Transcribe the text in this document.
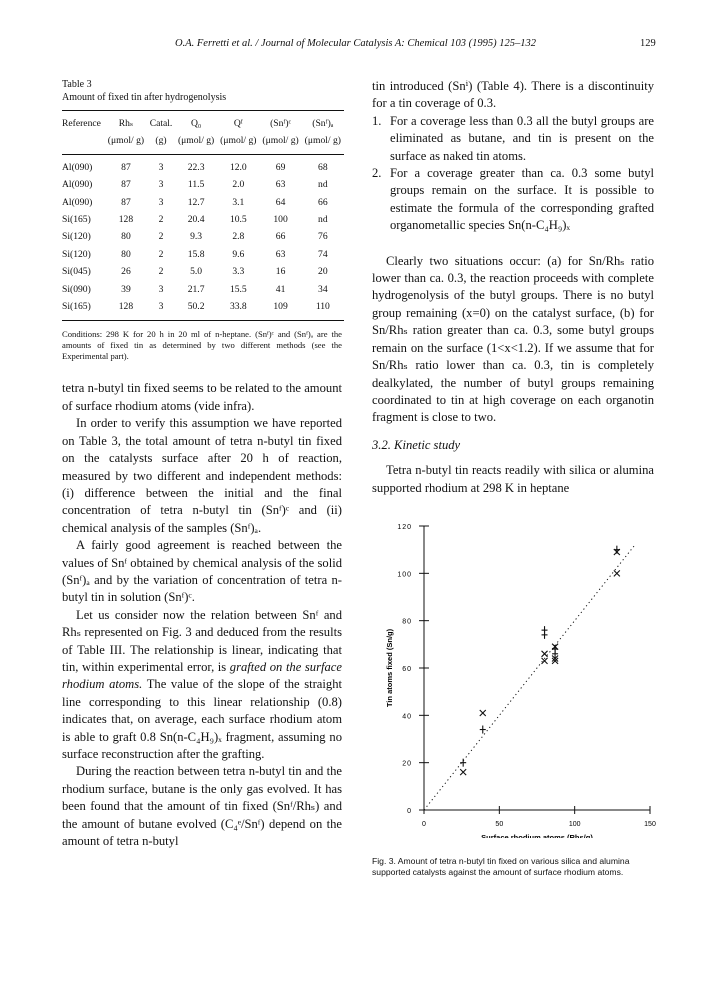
O.A. Ferretti et al. / Journal of Molecular Catalysis A: Chemical 103 (1995) 125–132	129
Table 3
Amount of fixed tin after hydrogenolysis
Reference	Rhₛ	Catal.	Q₀	Qᶠ	(Snᶠ)ᶜ	(Snᶠ)ₐ
	(μmol/ g)	(g)	(μmol/ g)	(μmol/ g)	(μmol/ g)	(μmol/ g)
Al(090)	87	3	22.3	12.0	69	68
Al(090)	87	3	11.5	2.0	63	nd
Al(090)	87	3	12.7	3.1	64	66
Si(165)	128	2	20.4	10.5	100	nd
Si(120)	80	2	9.3	2.8	66	76
Si(120)	80	2	15.8	9.6	63	74
Si(045)	26	2	5.0	3.3	16	20
Si(090)	39	3	21.7	15.5	41	34
Si(165)	128	3	50.2	33.8	109	110
Conditions: 298 K for 20 h in 20 ml of n-heptane. (Snᶠ)ᶜ and (Snᶠ)ₐ are the amounts of fixed tin as determined by two different methods (see the Experimental part).

tetra n-butyl tin fixed seems to be related to the amount of surface rhodium atoms (vide infra).

In order to verify this assumption we have reported on Table 3, the total amount of tetra n-butyl tin fixed on the catalysts surface after 20 h of reaction, measured by two different and independent methods: (i) difference between the initial and the final concentration of tetra n-butyl tin (Snᶠ)ᶜ and (ii) chemical analysis of the samples (Snᶠ)ₐ.

A fairly good agreement is reached between the values of Snᶠ obtained by chemical analysis of the solid (Snᶠ)ₐ and by the variation of concentration of tetra n-butyl tin in solution (Snᶠ)ᶜ.

Let us consider now the relation between Snᶠ and Rhₛ represented on Fig. 3 and deduced from the results of Table III. The relationship is linear, indicating that tin, within experimental error, is grafted on the surface rhodium atoms. The value of the slope of the straight line corresponding to this linear relationship (0.8) indicates that, on average, each surface rhodium atom is able to graft 0.8 Sn(n-C₄H₉)ₓ fragment, assuming no surface reconstruction after the grafting.

During the reaction between tetra n-butyl tin and the rhodium surface, butane is the only gas evolved. It has been found that the amount of tin fixed (Snᶠ/Rhₛ) and the amount of butane evolved (C₄ᵉ/Snᶠ) depend on the amount of tetra n-butyl

tin introduced (Snⁱ) (Table 4). There is a discontinuity for a tin coverage of 0.3.

1. For a coverage less than 0.3 all the butyl groups are eliminated as butane, and tin is present on the surface as naked tin atoms.
2. For a coverage greater than ca. 0.3 some butyl groups remain on the surface. It is possible to estimate the formula of the corresponding grafted organometallic species Sn(n-C₄H₉)ₓ

Clearly two situations occur: (a) for Sn/Rhₛ ratio lower than ca. 0.3, the reaction proceeds with complete hydrogenolysis of the butyl groups. There is no butyl group remaining (x=0) on the catalyst surface, (b) for Sn/Rhₛ ration greater than ca. 0.3, some butyl groups remain on the surface (1<x<1.2). If we assume that for Sn/Rhₛ ratio lower than ca. 0.3, tin is completely dealkylated, the number of butyl groups remaining coordinated to tin at high coverage on each organotin fragment is close to two.

3.2. Kinetic study

Tetra n-butyl tin reacts readily with silica or alumina supported rhodium at 298 K in heptane

0
20
40
60
80
100
120
0	50	100	150
Surface rhodium atoms (Rhs/g)
Tin atoms fixed (Sn/g)
Fig. 3. Amount of tetra n-butyl tin fixed on various silica and alumina supported catalysts against the amount of surface rhodium atoms.
